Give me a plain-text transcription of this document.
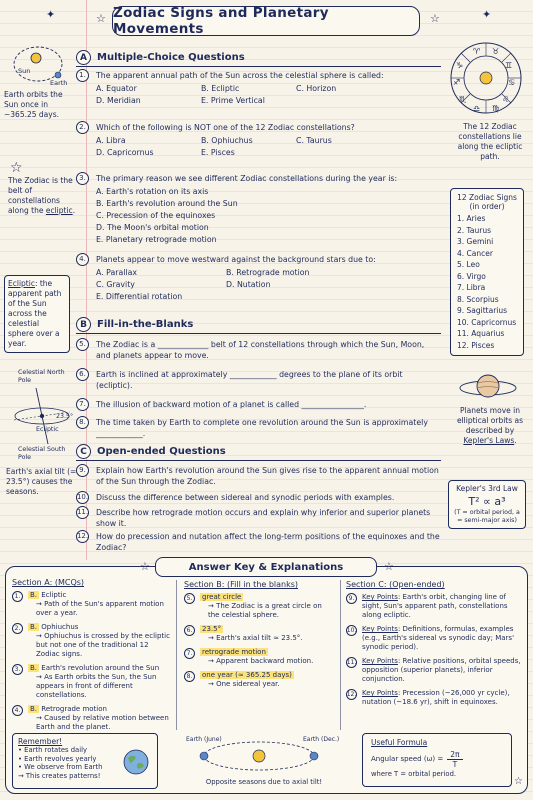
Zodiac Signs and Planetary Movements
☆	☆	✦
✦
Sun
Earth
Earth orbits the Sun once in ~365.25 days.
☆
The Zodiac is the belt of constellations along the ecliptic.
Ecliptic: the apparent path of the Sun across the celestial sphere over a year.
Celestial North Pole
23.5°
Ecliptic
Celestial South Pole
Earth's axial tilt (= 23.5°) causes the seasons.
♈ ♉
♊
♋
♌
♍
♎
♏
♐
♑
The 12 Zodiac constellations lie along the ecliptic path.
12 Zodiac Signs (in order)
1. Aries
2. Taurus
3. Gemini
4. Cancer
5. Leo
6. Virgo
7. Libra
8. Scorpius
9. Sagittarius
10. Capricornus
11. Aquarius
12. Pisces
Planets move in elliptical orbits as described by Kepler's Laws.
Kepler's 3rd Law
T² ∝ a³
(T = orbital period, a = semi-major axis)
A	Multiple-Choice Questions
1.	The apparent annual path of the Sun across the celestial sphere is called:
A. Equator	B. Ecliptic	C. Horizon
D. Meridian	E. Prime Vertical
2.	Which of the following is NOT one of the 12 Zodiac constellations?
A. Libra	B. Ophiuchus	C. Taurus
D. Capricornus	E. Pisces
3.	The primary reason we see different Zodiac constellations during the year is:
A. Earth's rotation on its axis
B. Earth's revolution around the Sun
C. Precession of the equinoxes
D. The Moon's orbital motion
E. Planetary retrograde motion
4.	Planets appear to move westward against the background stars due to:
A. Parallax	B. Retrograde motion
C. Gravity	D. Nutation
E. Differential rotation
B	Fill-in-the-Blanks
5.	The Zodiac is a _____________ belt of 12 constellations through which the Sun, Moon, and planets appear to move.
6.	Earth is inclined at approximately ____________ degrees to the plane of its orbit (ecliptic).
7.	The illusion of backward motion of a planet is called ________________.
8.	The time taken by Earth to complete one revolution around the Sun is approximately ____________.
C	Open-ended Questions
9.	Explain how Earth's revolution around the Sun gives rise to the apparent annual motion of the Sun through the Zodiac.
10. Discuss the difference between sidereal and synodic periods with examples.
11. Describe how retrograde motion occurs and explain why inferior and superior planets show it.
12. How do precession and nutation affect the long-term positions of the equinoxes and the Zodiac?
Answer Key & Explanations
☆	☆
Section A: (MCQs)
1.	B. Ecliptic
→ Path of the Sun's apparent motion over a year.
2.	B. Ophiuchus
→ Ophiuchus is crossed by the ecliptic but not one of the traditional 12 Zodiac signs.
3.	B. Earth's revolution around the Sun
→ As Earth orbits the Sun, the Sun appears in front of different constellations.
4.	B. Retrograde motion
→ Caused by relative motion between Earth and the planet.
Section B: (Fill in the blanks)
5.	great circle
→ The Zodiac is a great circle on the celestial sphere.
6.	23.5°
→ Earth's axial tilt ≈ 23.5°.
7.	retrograde motion
→ Apparent backward motion.
8.	one year (≈ 365.25 days)
→ One sidereal year.
Section C: (Open-ended)
9.	Key Points: Earth's orbit, changing line of sight, Sun's apparent path, constellations along ecliptic.
10. Key Points: Definitions, formulas, examples (e.g., Earth's sidereal vs synodic day; Mars' synodic period).
11. Key Points: Relative positions, orbital speeds, opposition (superior planets), inferior conjunction.
12. Key Points: Precession (~26,000 yr cycle), nutation (~18.6 yr), shift in equinoxes.
Remember!
• Earth rotates daily
• Earth revolves yearly
• We observe from Earth
→ This creates patterns!
Earth (June)	Earth (Dec.)
Opposite seasons due to axial tilt!
Useful Formula
Angular speed $(\omega) = \frac{2\pi}{T}$
where T = orbital period.
☆
